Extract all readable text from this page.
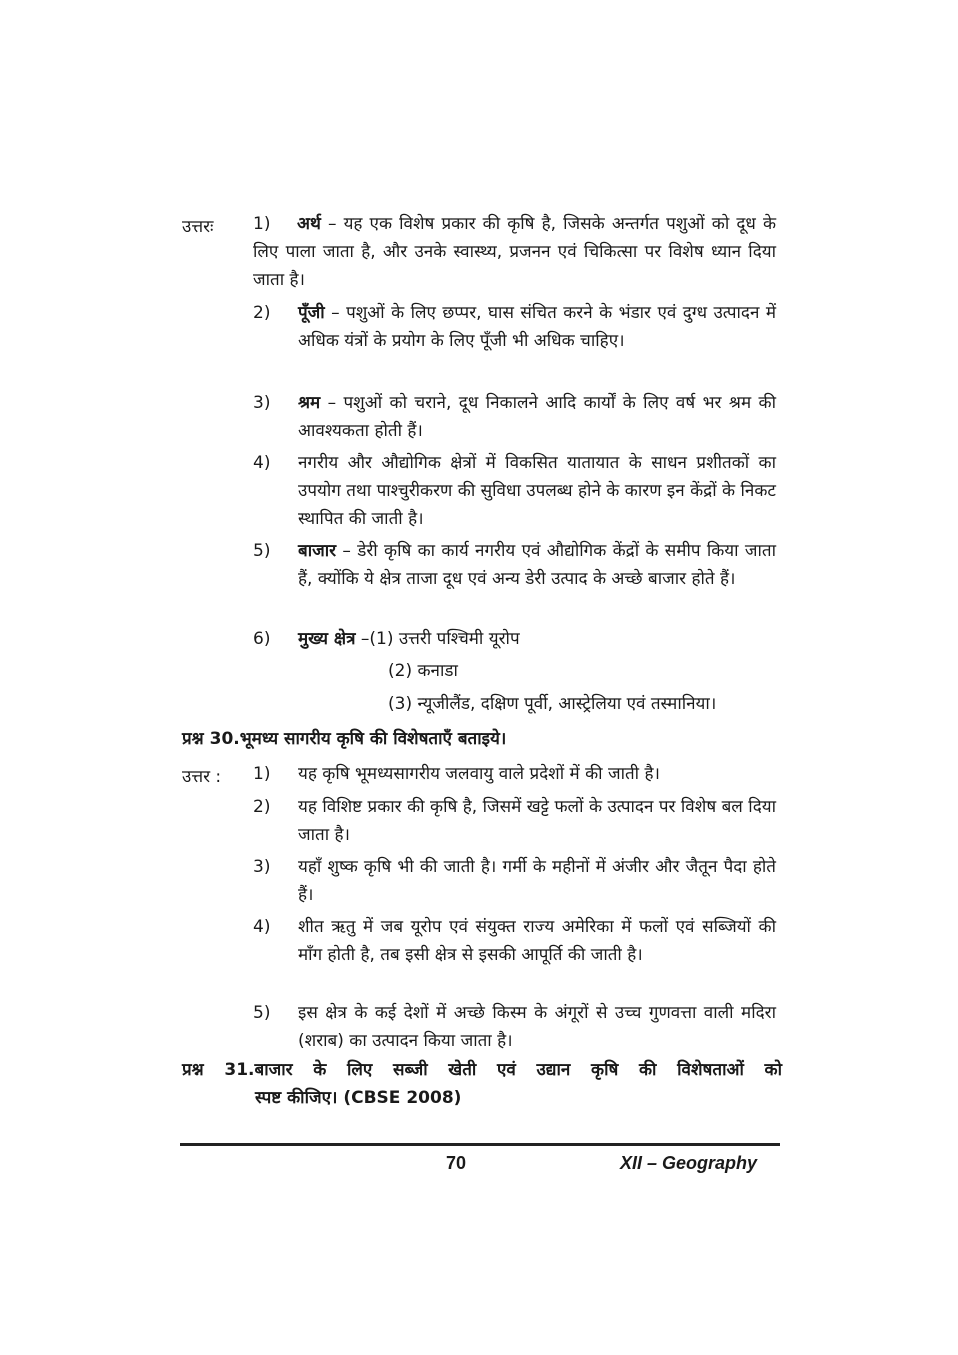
उत्तरः 1)	अर्थ – यह एक विशेष प्रकार की कृषि है, जिसके अन्तर्गत पशुओं को दूध के लिए पाला जाता है, और उनके स्वास्थ्य, प्रजनन एवं चिकित्सा पर विशेष ध्यान दिया जाता है।
2) पूँजी – पशुओं के लिए छप्पर, घास संचित करने के भंडार एवं दुग्ध उत्पादन में अधिक यंत्रों के प्रयोग के लिए पूँजी भी अधिक चाहिए।
3) श्रम – पशुओं को चराने, दूध निकालने आदि कार्यों के लिए वर्ष भर श्रम की आवश्यकता होती हैं।
4) नगरीय और औद्योगिक क्षेत्रों में विकसित यातायात के साधन प्रशीतकों का उपयोग तथा पाश्चुरीकरण की सुविधा उपलब्ध होने के कारण इन केंद्रों के निकट स्थापित की जाती है।
5) बाजार – डेरी कृषि का कार्य नगरीय एवं औद्योगिक केंद्रों के समीप किया जाता हैं, क्योंकि ये क्षेत्र ताजा दूध एवं अन्य डेरी उत्पाद के अच्छे बाजार होते हैं।
6) मुख्य क्षेत्र –(1) उत्तरी पश्चिमी यूरोप
(2) कनाडा
(3) न्यूजीलैंड, दक्षिण पूर्वी, आस्ट्रेलिया एवं तस्मानिया।
प्रश्न 30.भूमध्य सागरीय कृषि की विशेषताएँ बताइये।
उत्तर : 1) यह कृषि भूमध्यसागरीय जलवायु वाले प्रदेशों में की जाती है।
2) यह विशिष्ट प्रकार की कृषि है, जिसमें खट्टे फलों के उत्पादन पर विशेष बल दिया जाता है।
3) यहाँ शुष्क कृषि भी की जाती है। गर्मी के महीनों में अंजीर और जैतून पैदा होते हैं।
4) शीत ऋतु में जब यूरोप एवं संयुक्त राज्य अमेरिका में फलों एवं सब्जियों की माँग होती है, तब इसी क्षेत्र से इसकी आपूर्ति की जाती है।
5) इस क्षेत्र के कई देशों में अच्छे किस्म के अंगूरों से उच्च गुणवत्ता वाली मदिरा (शराब) का उत्पादन किया जाता है।
प्रश्न 31.बाजार के लिए सब्जी खेती एवं उद्यान कृषि की विशेषताओं को
स्पष्ट कीजिए। (CBSE 2008)
70	XII – Geography
